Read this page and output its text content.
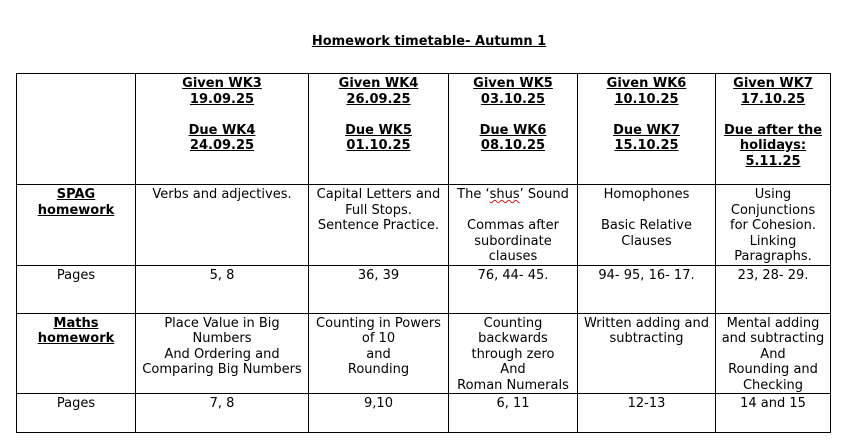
Homework timetable- Autumn 1

	Given WK3
19.09.25
Due WK4
24.09.25	Given WK4
26.09.25
Due WK5
01.10.25	Given WK5
03.10.25
Due WK6
08.10.25	Given WK6
10.10.25
Due WK7
15.10.25	Given WK7
17.10.25
Due after the
holidays:
5.11.25

SPAG
homework	Verbs and adjectives.	Capital Letters and
Full Stops.
Sentence Practice.	The ‘shus’ Sound
Commas after
subordinate
clauses	Homophones
Basic Relative
Clauses	Using
Conjunctions
for Cohesion.
Linking
Paragraphs.

Pages	5, 8	36, 39	76, 44- 45.	94- 95, 16- 17.	23, 28- 29.

Maths
homework	Place Value in Big
Numbers
And Ordering and
Comparing Big Numbers	Counting in Powers
of 10
and
Rounding	Counting
backwards
through zero
And
Roman Numerals	Written adding and
subtracting	Mental adding
and subtracting
And
Rounding and
Checking

Pages	7, 8	9,10	6, 11	12-13	14 and 15
